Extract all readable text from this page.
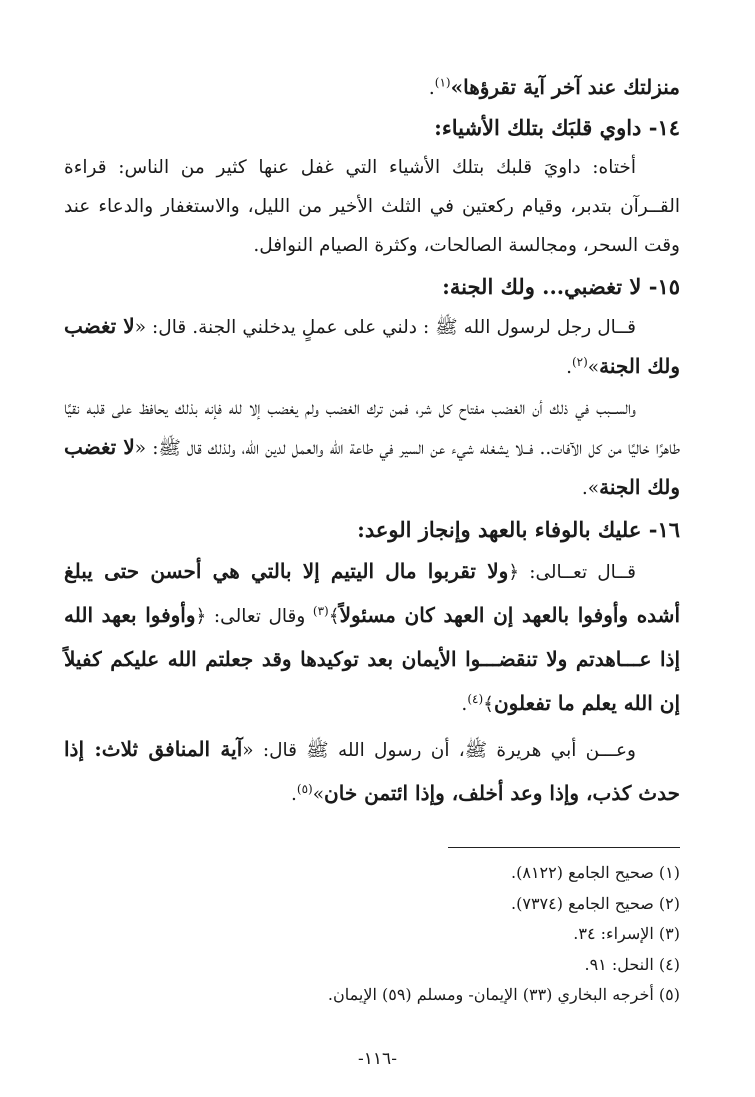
منزلتك عند آخر آية تقرؤها»$^{(١)}$.

١٤- داوي قلبَك بتلك الأشياء:

أختاه: داويَ قلبك بتلك الأشياء التي غفل عنها كثير من الناس: قراءة القــرآن بتدبر، وقيام ركعتين في الثلث الأخير من الليل، والاستغفار والدعاء عند وقت السحر، ومجالسة الصالحات، وكثرة الصيام النوافل.

١٥- لا تغضبي... ولك الجنة:

قــال رجل لرسول الله ﷺ : دلني على عملٍ يدخلني الجنة. قال: «لا تغضب ولك الجنة»$^{(٢)}$.

والســبب في ذلك أن الغضب مفتاح كل شر، فمن ترك الغضب ولم يغضب إلا لله فإنه بذلك يحافظ على قلبه نقيًا طاهرًا خاليًا من كل الآفات.. فــلا يشغله شيء عن السير في طاعة الله والعمل لدين الله، ولذلك قال ﷺ: «لا تغضب ولك الجنة».

١٦- عليك بالوفاء بالعهد وإنجاز الوعد:

قــال تعــالى: ﴿ولا تقربوا مال اليتيم إلا بالتي هي أحسن حتى يبلغ أشده وأوفوا بالعهد إن العهد كان مسئولاً﴾$^{(٣)}$ وقال تعالى: ﴿وأوفوا بعهد الله إذا عـــاهدتم ولا تنقضـــوا الأيمان بعد توكيدها وقد جعلتم الله عليكم كفيلاً إن الله يعلم ما تفعلون﴾$^{(٤)}$.

وعـــن أبي هريرة ﷺ، أن رسول الله ﷺ قال: «آية المنافق ثلاث: إذا حدث كذب، وإذا وعد أخلف، وإذا ائتمن خان»$^{(٥)}$.

(١) صحيح الجامع (٨١٢٢).
(٢) صحيح الجامع (٧٣٧٤).
(٣) الإسراء: ٣٤.
(٤) النحل: ٩١.
(٥) أخرجه البخاري (٣٣) الإيمان- ومسلم (٥٩) الإيمان.
-١١٦-
